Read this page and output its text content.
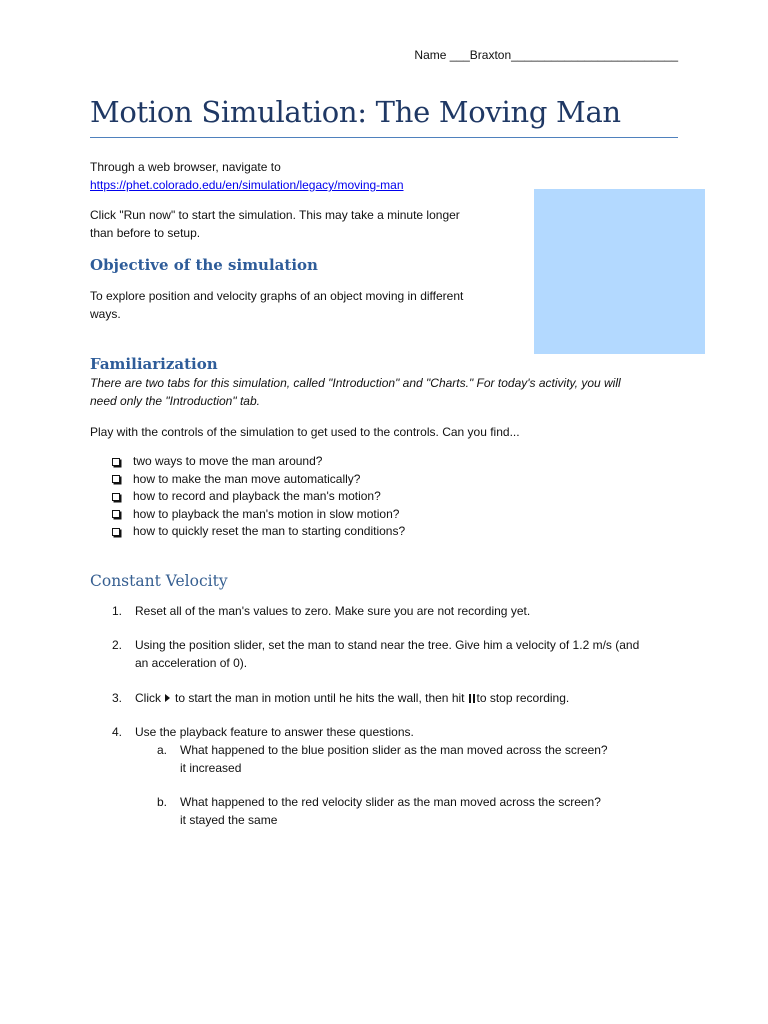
Name ___Braxton_________________________
Motion Simulation: The Moving Man
Through a web browser, navigate to
https://phet.colorado.edu/en/simulation/legacy/moving-man
Click "Run now" to start the simulation. This may take a minute longer
than before to setup.
Objective of the simulation
To explore position and velocity graphs of an object moving in different
ways.
Familiarization
There are two tabs for this simulation, called "Introduction" and "Charts." For today's activity, you will
need only the "Introduction" tab.
Play with the controls of the simulation to get used to the controls. Can you find...
two ways to move the man around?
how to make the man move automatically?
how to record and playback the man's motion?
how to playback the man's motion in slow motion?
how to quickly reset the man to starting conditions?
Constant Velocity
1. Reset all of the man's values to zero. Make sure you are not recording yet.
2. Using the position slider, set the man to stand near the tree. Give him a velocity of 1.2 m/s (and
an acceleration of 0).
3. Click to start the man in motion until he hits the wall, then hit to stop recording.
4. Use the playback feature to answer these questions.
a. What happened to the blue position slider as the man moved across the screen?
it increased
b. What happened to the red velocity slider as the man moved across the screen?
it stayed the same
